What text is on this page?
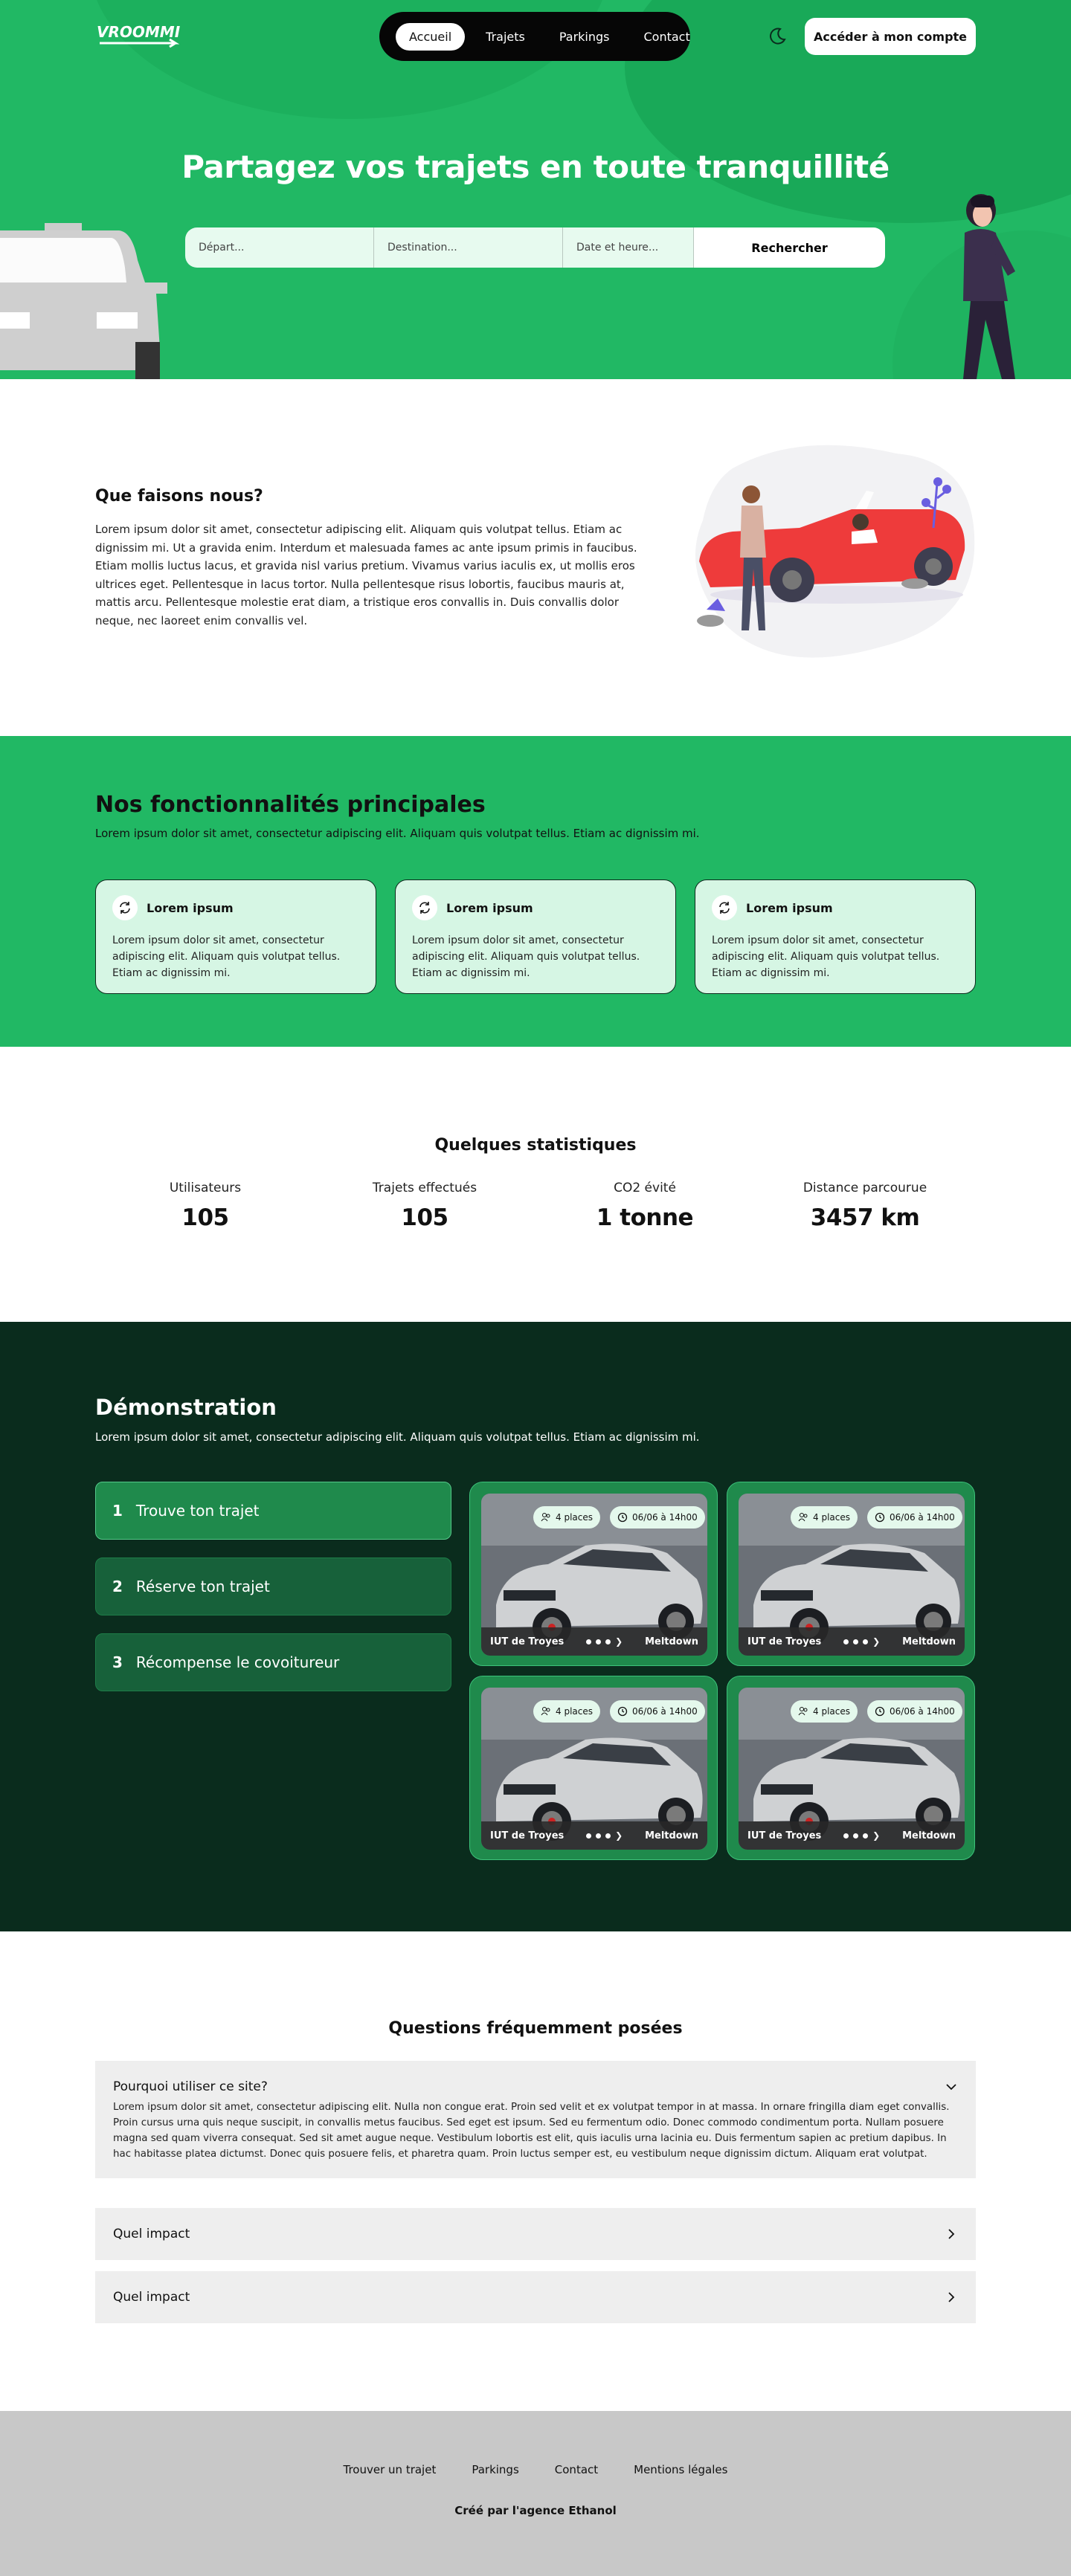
VROOMMI	Accueil	Trajets	Parkings	Contact	Accéder à mon compte
Partagez vos trajets en toute tranquillité
Départ...
Destination...
Date et heure...
Rechercher
Que faisons nous?

Lorem ipsum dolor sit amet, consectetur adipiscing elit. Aliquam quis volutpat tellus. Etiam ac dignissim mi. Ut a gravida enim. Interdum et malesuada fames ac ante ipsum primis in faucibus. Etiam mollis luctus lacus, et gravida nisl varius pretium. Vivamus varius iaculis ex, ut mollis eros ultrices eget. Pellentesque in lacus tortor. Nulla pellentesque risus lobortis, faucibus mauris at, mattis arcu. Pellentesque molestie erat diam, a tristique eros convallis in. Duis convallis dolor neque, nec laoreet enim convallis vel.

Nos fonctionnalités principales

Lorem ipsum dolor sit amet, consectetur adipiscing elit. Aliquam quis volutpat tellus. Etiam ac dignissim mi.

Lorem ipsum

Lorem ipsum dolor sit amet, consectetur adipiscing elit. Aliquam quis volutpat tellus. Etiam ac dignissim mi.

Lorem ipsum

Lorem ipsum dolor sit amet, consectetur adipiscing elit. Aliquam quis volutpat tellus. Etiam ac dignissim mi.

Lorem ipsum

Lorem ipsum dolor sit amet, consectetur adipiscing elit. Aliquam quis volutpat tellus. Etiam ac dignissim mi.

Quelques statistiques
Utilisateurs
105
Trajets effectués
105
CO2 évité
1 tonne
Distance parcourue
3457 km
Démonstration

Lorem ipsum dolor sit amet, consectetur adipiscing elit. Aliquam quis volutpat tellus. Etiam ac dignissim mi.

1 Trouve ton trajet
2 Réserve ton trajet
3 Récompense le covoitureur
4 places	06/06 à 14h00
IUT de Troyes	❯ Meltdown
4 places	06/06 à 14h00
IUT de Troyes	❯ Meltdown
4 places	06/06 à 14h00
IUT de Troyes	❯ Meltdown
4 places	06/06 à 14h00
IUT de Troyes	❯ Meltdown
Questions fréquemment posées
Pourquoi utiliser ce site?

Lorem ipsum dolor sit amet, consectetur adipiscing elit. Nulla non congue erat. Proin sed velit et ex volutpat tempor in at massa. In ornare fringilla diam eget convallis. Proin cursus urna quis neque suscipit, in convallis metus faucibus. Sed eget est ipsum. Sed eu fermentum odio. Donec commodo condimentum porta. Nullam posuere magna sed quam viverra consequat. Sed sit amet augue neque. Vestibulum lobortis est elit, quis iaculis urna lacinia eu. Duis fermentum sapien ac pretium dapibus. In hac habitasse platea dictumst. Donec quis posuere felis, et pharetra quam. Proin luctus semper est, eu vestibulum neque dignissim dictum. Aliquam erat volutpat.

Quel impact
Quel impact
Trouver un trajet	Parkings	Contact	Mentions légales
Créé par l'agence Ethanol
